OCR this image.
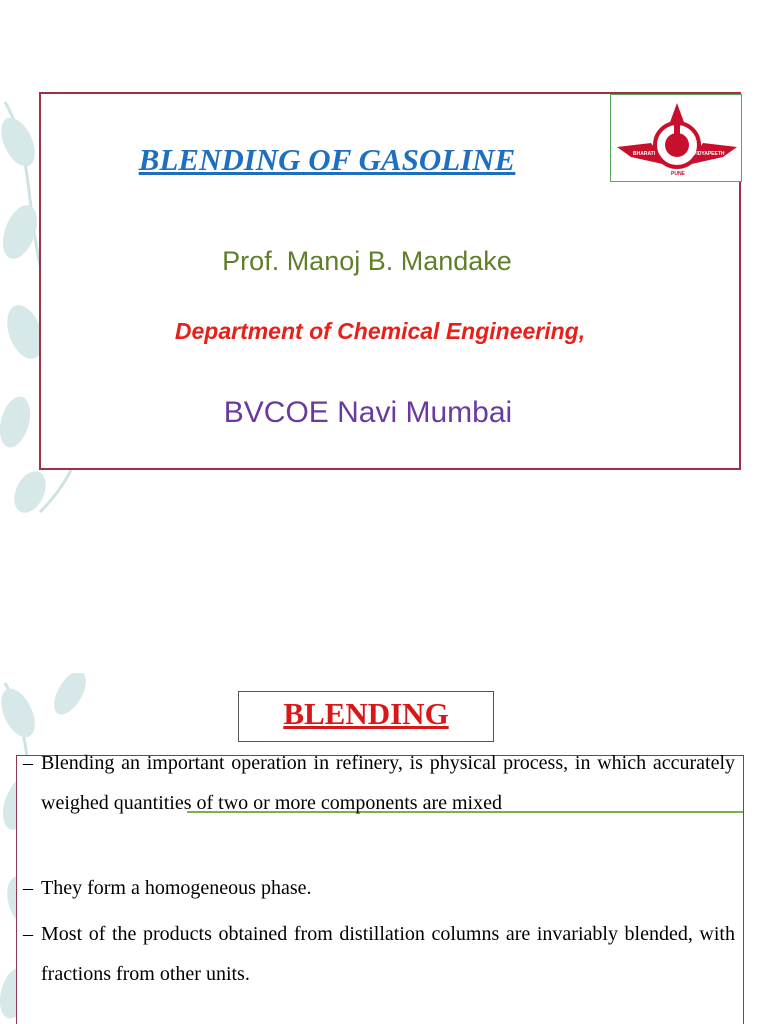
BHARATI	VIDYAPEETH
PUNE
BLENDING OF GASOLINE
Prof. Manoj B. Mandake
Department of Chemical Engineering,
BVCOE Navi Mumbai
BLENDING
– Blending an important operation in refinery, is physical process, in which accurately weighed quantities of two or more components are mixed
– They form a homogeneous phase.
– Most of the products obtained from distillation columns are invariably blended, with fractions from other units.
